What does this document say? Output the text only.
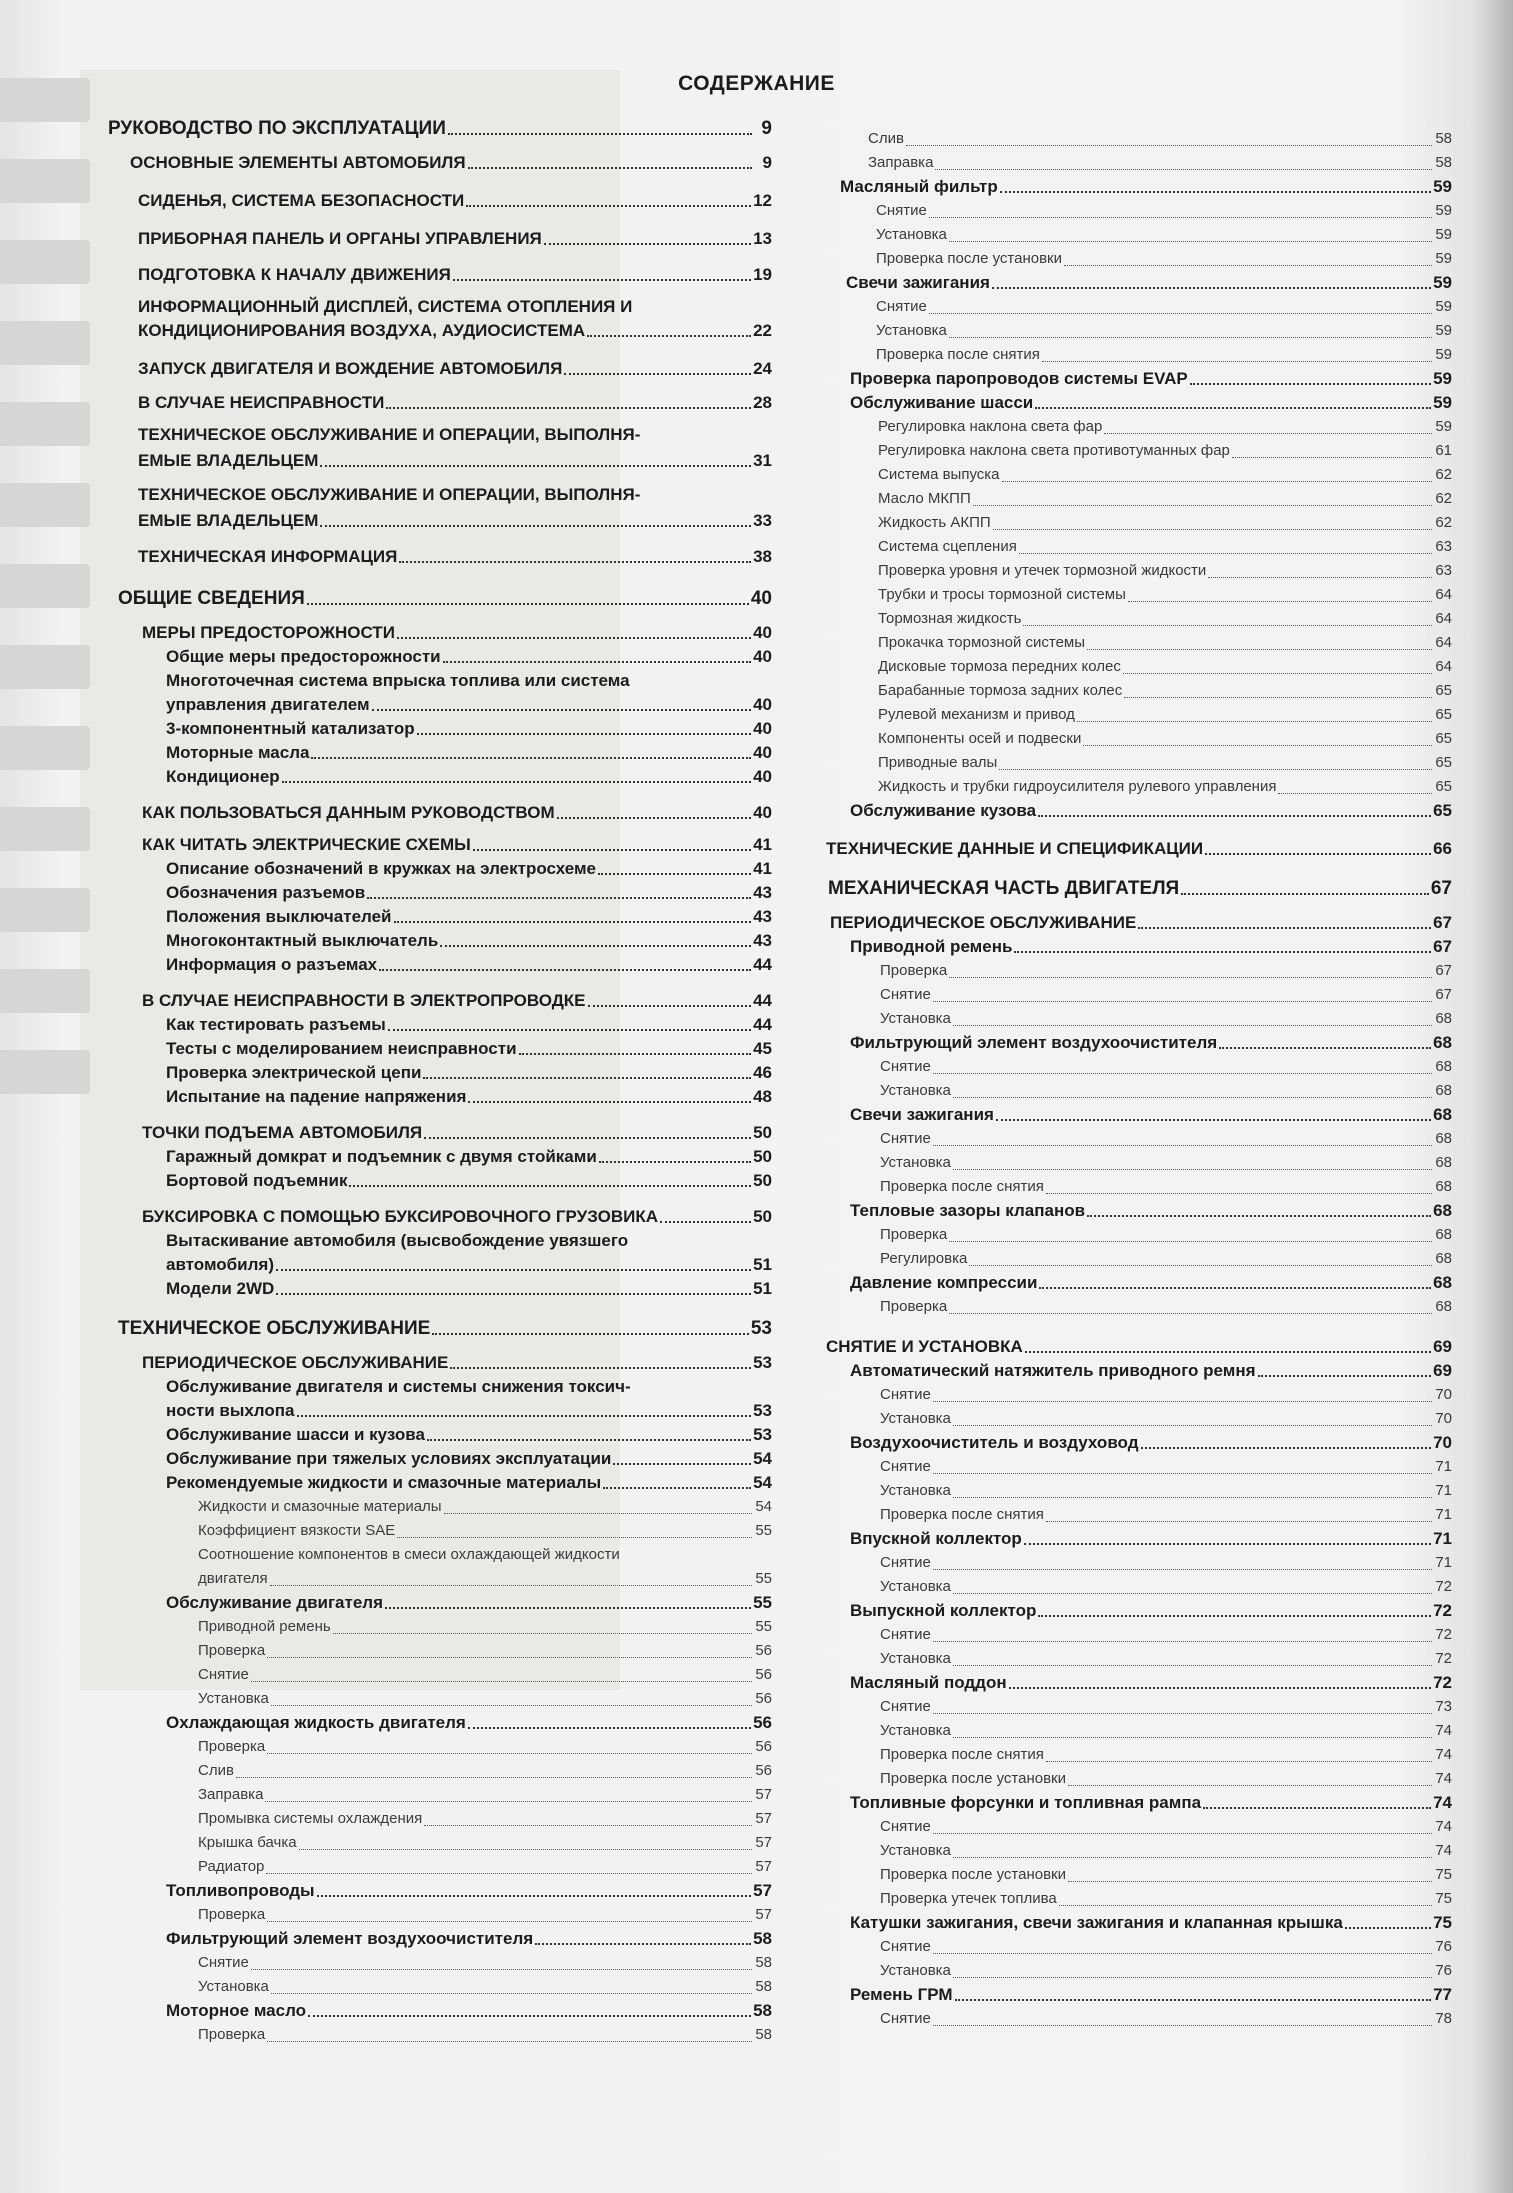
СОДЕРЖАНИЕ
РУКОВОДСТВО ПО ЭКСПЛУАТАЦИИ	9
ОСНОВНЫЕ ЭЛЕМЕНТЫ АВТОМОБИЛЯ	9
СИДЕНЬЯ, СИСТЕМА БЕЗОПАСНОСТИ	12
ПРИБОРНАЯ ПАНЕЛЬ И ОРГАНЫ УПРАВЛЕНИЯ	13
ПОДГОТОВКА К НАЧАЛУ ДВИЖЕНИЯ	19
ИНФОРМАЦИОННЫЙ ДИСПЛЕЙ, СИСТЕМА ОТОПЛЕНИЯ И
КОНДИЦИОНИРОВАНИЯ ВОЗДУХА, АУДИОСИСТЕМА	22
ЗАПУСК ДВИГАТЕЛЯ И ВОЖДЕНИЕ АВТОМОБИЛЯ	24
В СЛУЧАЕ НЕИСПРАВНОСТИ	28
ТЕХНИЧЕСКОЕ ОБСЛУЖИВАНИЕ И ОПЕРАЦИИ, ВЫПОЛНЯ-
ЕМЫЕ ВЛАДЕЛЬЦЕМ	31
ТЕХНИЧЕСКОЕ ОБСЛУЖИВАНИЕ И ОПЕРАЦИИ, ВЫПОЛНЯ-
ЕМЫЕ ВЛАДЕЛЬЦЕМ	33
ТЕХНИЧЕСКАЯ ИНФОРМАЦИЯ	38
ОБЩИЕ СВЕДЕНИЯ	40
МЕРЫ ПРЕДОСТОРОЖНОСТИ	40
Общие меры предосторожности	40
Многоточечная система впрыска топлива или система
управления двигателем	40
3-компонентный катализатор	40
Моторные масла	40
Кондиционер	40
КАК ПОЛЬЗОВАТЬСЯ ДАННЫМ РУКОВОДСТВОМ	40
КАК ЧИТАТЬ ЭЛЕКТРИЧЕСКИЕ СХЕМЫ	41
Описание обозначений в кружках на электросхеме	41
Обозначения разъемов	43
Положения выключателей	43
Многоконтактный выключатель	43
Информация о разъемах	44
В СЛУЧАЕ НЕИСПРАВНОСТИ В ЭЛЕКТРОПРОВОДКЕ	44
Как тестировать разъемы	44
Тесты с моделированием неисправности	45
Проверка электрической цепи	46
Испытание на падение напряжения	48
ТОЧКИ ПОДЪЕМА АВТОМОБИЛЯ	50
Гаражный домкрат и подъемник с двумя стойками	50
Бортовой подъемник	50
БУКСИРОВКА С ПОМОЩЬЮ БУКСИРОВОЧНОГО ГРУЗОВИКА	50
Вытаскивание автомобиля (высвобождение увязшего
автомобиля)	51
Модели 2WD	51
ТЕХНИЧЕСКОЕ ОБСЛУЖИВАНИЕ	53
ПЕРИОДИЧЕСКОЕ ОБСЛУЖИВАНИЕ	53
Обслуживание двигателя и системы снижения токсич-
ности выхлопа	53
Обслуживание шасси и кузова	53
Обслуживание при тяжелых условиях эксплуатации	54
Рекомендуемые жидкости и смазочные материалы	54
Жидкости и смазочные материалы	54
Коэффициент вязкости SAE	55
Соотношение компонентов в смеси охлаждающей жидкости
двигателя	55
Обслуживание двигателя	55
Приводной ремень	55
Проверка	56
Снятие	56
Установка	56
Охлаждающая жидкость двигателя	56
Проверка	56
Слив	56
Заправка	57
Промывка системы охлаждения	57
Крышка бачка	57
Радиатор	57
Топливопроводы	57
Проверка	57
Фильтрующий элемент воздухоочистителя	58
Снятие	58
Установка	58
Моторное масло	58
Проверка	58
Слив	58
Заправка	58
Масляный фильтр	59
Снятие	59
Установка	59
Проверка после установки	59
Свечи зажигания	59
Снятие	59
Установка	59
Проверка после снятия	59
Проверка паропроводов системы EVAP	59
Обслуживание шасси	59
Регулировка наклона света фар	59
Регулировка наклона света противотуманных фар	61
Система выпуска	62
Масло МКПП	62
Жидкость АКПП	62
Система сцепления	63
Проверка уровня и утечек тормозной жидкости	63
Трубки и тросы тормозной системы	64
Тормозная жидкость	64
Прокачка тормозной системы	64
Дисковые тормоза передних колес	64
Барабанные тормоза задних колес	65
Рулевой механизм и привод	65
Компоненты осей и подвески	65
Приводные валы	65
Жидкость и трубки гидроусилителя рулевого управления	65
Обслуживание кузова	65
ТЕХНИЧЕСКИЕ ДАННЫЕ И СПЕЦИФИКАЦИИ	66
МЕХАНИЧЕСКАЯ ЧАСТЬ ДВИГАТЕЛЯ	67
ПЕРИОДИЧЕСКОЕ ОБСЛУЖИВАНИЕ	67
Приводной ремень	67
Проверка	67
Снятие	67
Установка	68
Фильтрующий элемент воздухоочистителя	68
Снятие	68
Установка	68
Свечи зажигания	68
Снятие	68
Установка	68
Проверка после снятия	68
Тепловые зазоры клапанов	68
Проверка	68
Регулировка	68
Давление компрессии	68
Проверка	68
СНЯТИЕ И УСТАНОВКА	69
Автоматический натяжитель приводного ремня	69
Снятие	70
Установка	70
Воздухоочиститель и воздуховод	70
Снятие	71
Установка	71
Проверка после снятия	71
Впускной коллектор	71
Снятие	71
Установка	72
Выпускной коллектор	72
Снятие	72
Установка	72
Масляный поддон	72
Снятие	73
Установка	74
Проверка после снятия	74
Проверка после установки	74
Топливные форсунки и топливная рампа	74
Снятие	74
Установка	74
Проверка после установки	75
Проверка утечек топлива	75
Катушки зажигания, свечи зажигания и клапанная крышка	75
Снятие	76
Установка	76
Ремень ГРМ	77
Снятие	78
